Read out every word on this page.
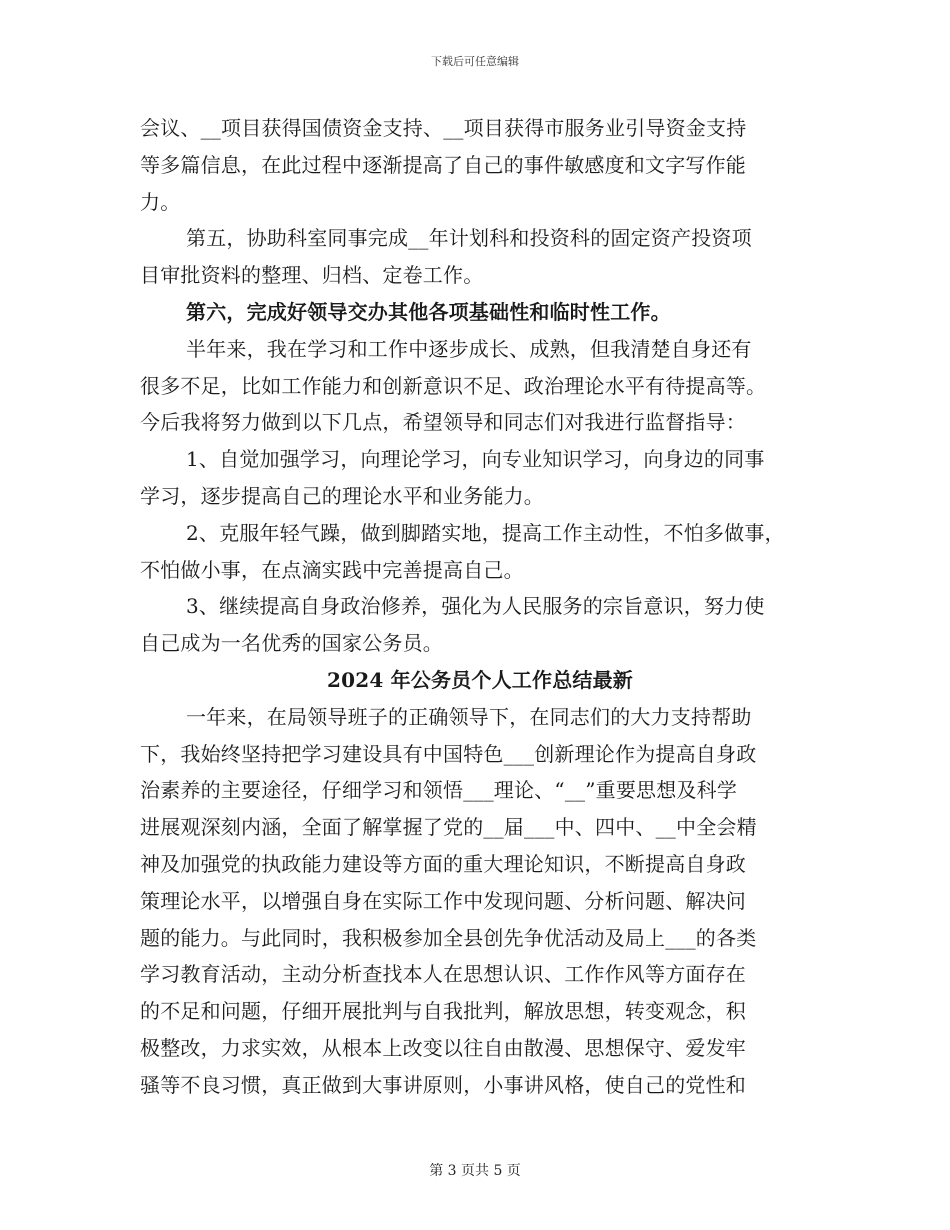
下载后可任意编辑
会议、__项目获得国债资金支持、__项目获得市服务业引导资金支持
等多篇信息，在此过程中逐渐提高了自己的事件敏感度和文字写作能
力。
第五，协助科室同事完成__年计划科和投资科的固定资产投资项
目审批资料的整理、归档、定卷工作。
第六，完成好领导交办其他各项基础性和临时性工作。
半年来，我在学习和工作中逐步成长、成熟，但我清楚自身还有
很多不足，比如工作能力和创新意识不足、政治理论水平有待提高等。
今后我将努力做到以下几点，希望领导和同志们对我进行监督指导：
1、自觉加强学习，向理论学习，向专业知识学习，向身边的同事
学习，逐步提高自己的理论水平和业务能力。
2、克服年轻气躁，做到脚踏实地，提高工作主动性，不怕多做事，
不怕做小事，在点滴实践中完善提高自己。
3、继续提高自身政治修养，强化为人民服务的宗旨意识，努力使
自己成为一名优秀的国家公务员。
2024 年公务员个人工作总结最新
一年来，在局领导班子的正确领导下，在同志们的大力支持帮助
下，我始终坚持把学习建设具有中国特色___创新理论作为提高自身政
治素养的主要途径，仔细学习和领悟___理论、“__”重要思想及科学
进展观深刻内涵，全面了解掌握了党的__届___中、四中、__中全会精
神及加强党的执政能力建设等方面的重大理论知识，不断提高自身政
策理论水平，以增强自身在实际工作中发现问题、分析问题、解决问
题的能力。与此同时，我积极参加全县创先争优活动及局上___的各类
学习教育活动，主动分析查找本人在思想认识、工作作风等方面存在
的不足和问题，仔细开展批判与自我批判，解放思想，转变观念，积
极整改，力求实效，从根本上改变以往自由散漫、思想保守、爱发牢
骚等不良习惯，真正做到大事讲原则，小事讲风格，使自己的党性和
第 3 页共 5 页
